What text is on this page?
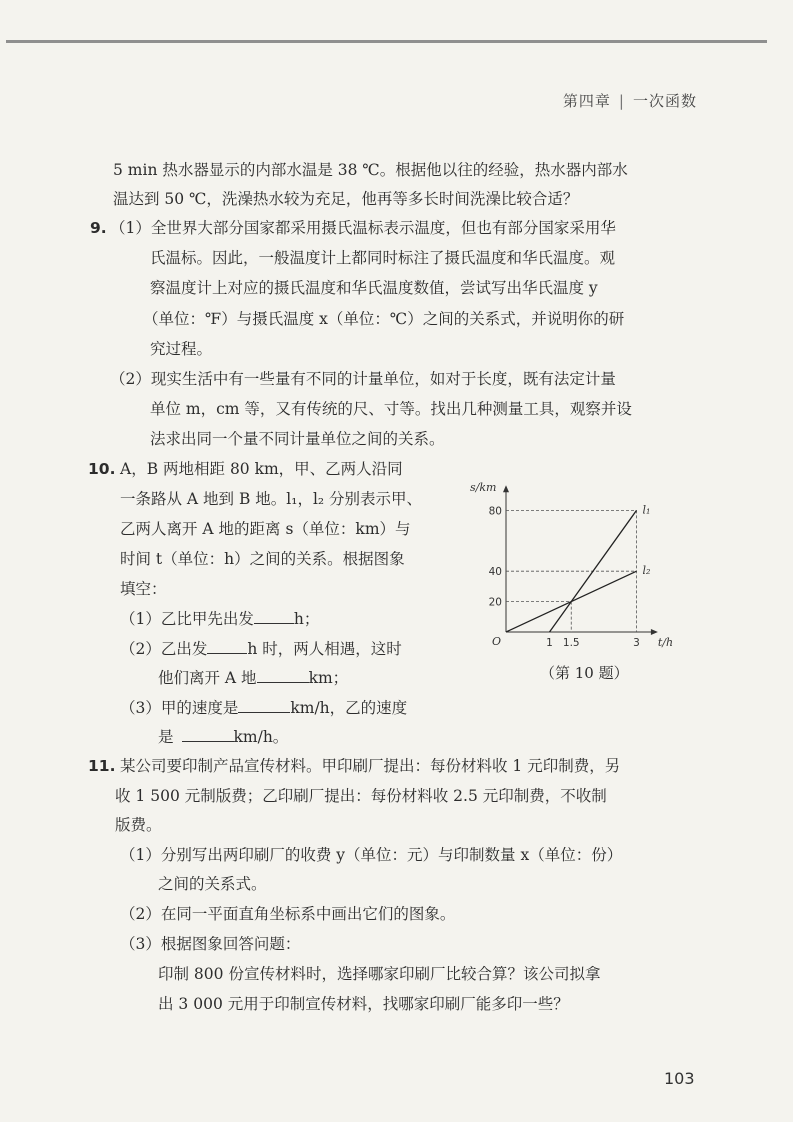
第四章 | 一次函数
5 min 热水器显示的内部水温是 38 ℃。根据他以往的经验，热水器内部水
温达到 50 ℃，洗澡热水较为充足，他再等多长时间洗澡比较合适？
9. （1）全世界大部分国家都采用摄氏温标表示温度，但也有部分国家采用华
氏温标。因此，一般温度计上都同时标注了摄氏温度和华氏温度。观
察温度计上对应的摄氏温度和华氏温度数值，尝试写出华氏温度 y
（单位：℉）与摄氏温度 x（单位：℃）之间的关系式，并说明你的研
究过程。
（2）现实生活中有一些量有不同的计量单位，如对于长度，既有法定计量
单位 m，cm 等，又有传统的尺、寸等。找出几种测量工具，观察并设
法求出同一个量不同计量单位之间的关系。
10. A，B 两地相距 80 km，甲、乙两人沿同
一条路从 A 地到 B 地。l₁，l₂ 分别表示甲、
乙两人离开 A 地的距离 s（单位：km）与
时间 t（单位：h）之间的关系。根据图象
填空：
（1）乙比甲先出发	h；
（2）乙出发	h 时，两人相遇，这时
他们离开 A 地	km；
（3）甲的速度是	km/h，乙的速度
是	km/h。
s/km
t/h
O
20
40
80
1 1.5	3
l₁
l₂
（第 10 题）
11. 某公司要印制产品宣传材料。甲印刷厂提出：每份材料收 1 元印制费，另
收 1 500 元制版费；乙印刷厂提出：每份材料收 2.5 元印制费，不收制
版费。
（1）分别写出两印刷厂的收费 y（单位：元）与印制数量 x（单位：份）
之间的关系式。
（2）在同一平面直角坐标系中画出它们的图象。
（3）根据图象回答问题：
印制 800 份宣传材料时，选择哪家印刷厂比较合算？该公司拟拿
出 3 000 元用于印制宣传材料，找哪家印刷厂能多印一些？
103
